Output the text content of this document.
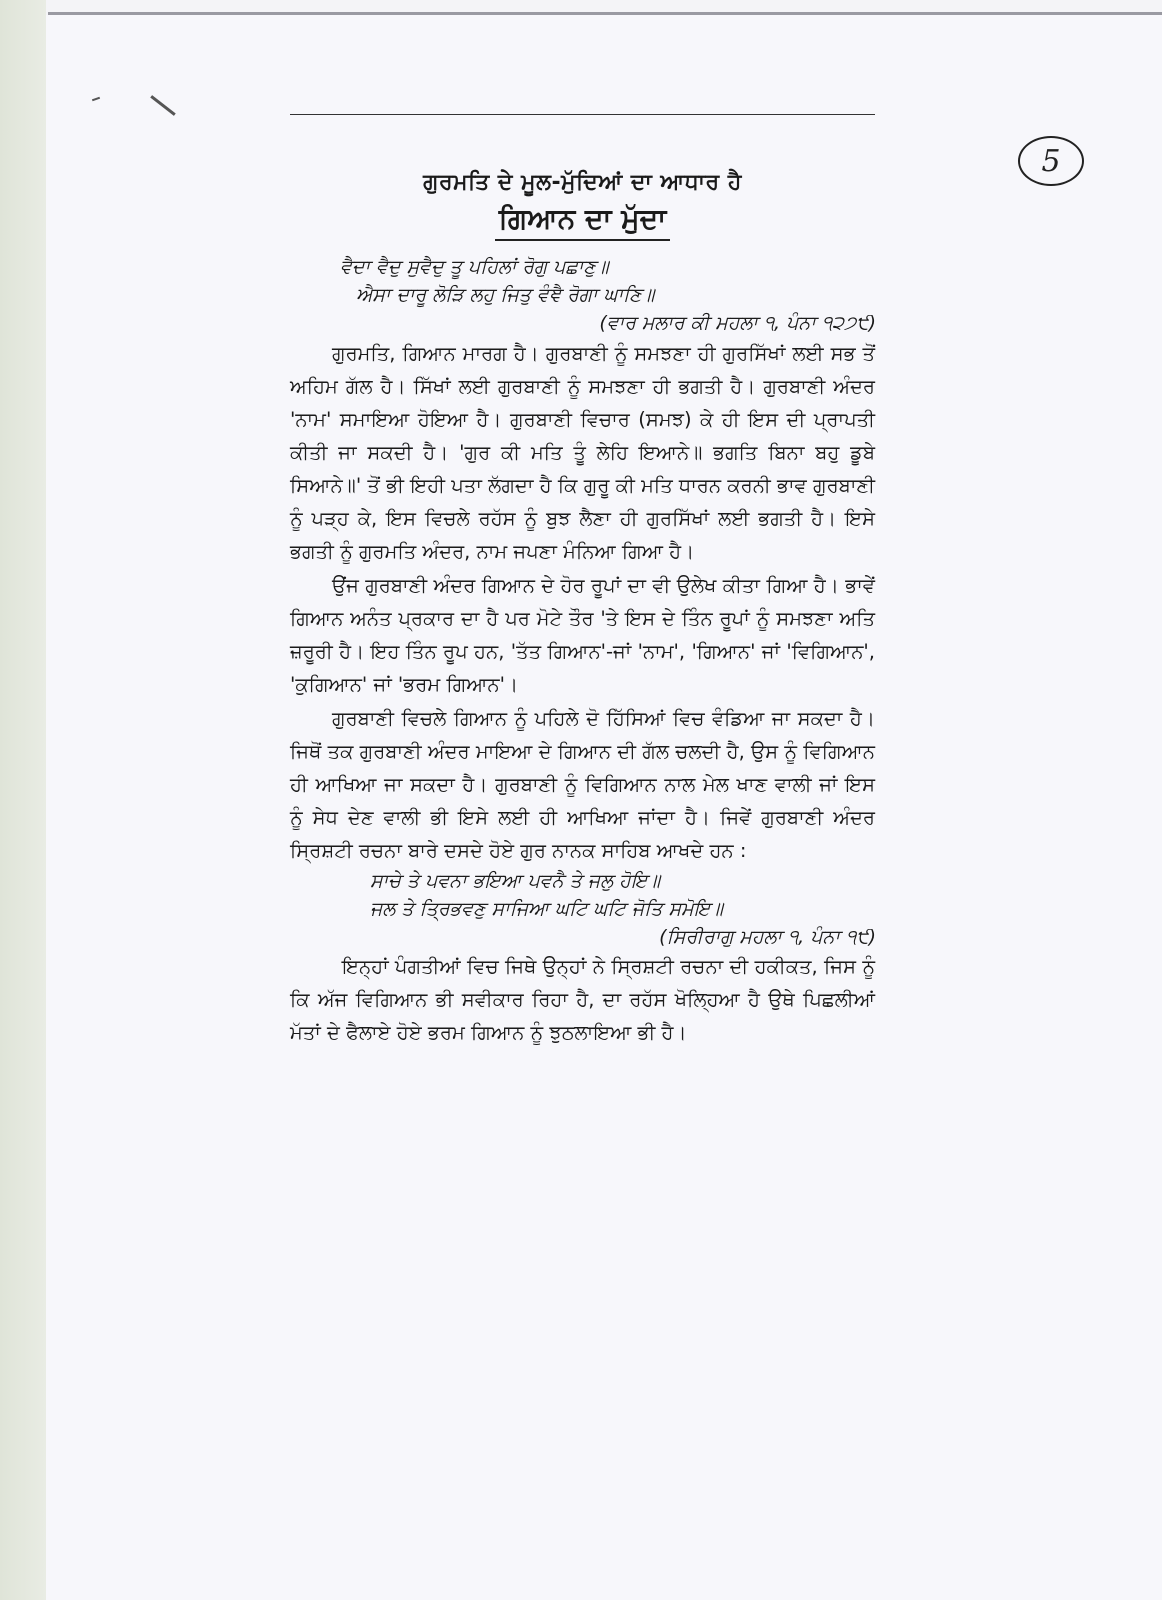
5
ਗੁਰਮਤਿ ਦੇ ਮੂਲ-ਮੁੱਦਿਆਂ ਦਾ ਆਧਾਰ ਹੈ
ਗਿਆਨ ਦਾ ਮੁੱਦਾ
ਵੈਦਾ ਵੈਦੁ ਸੁਵੈਦੁ ਤੂ ਪਹਿਲਾਂ ਰੋਗੁ ਪਛਾਣੁ॥
ਐਸਾ ਦਾਰੂ ਲੋੜਿ ਲਹੁ ਜਿਤੁ ਵੰਞੈ ਰੋਗਾ ਘਾਣਿ॥
(ਵਾਰ ਮਲਾਰ ਕੀ ਮਹਲਾ ੧, ਪੰਨਾ ੧੨੭੯)

ਗੁਰਮਤਿ, ਗਿਆਨ ਮਾਰਗ ਹੈ। ਗੁਰਬਾਣੀ ਨੂੰ ਸਮਝਣਾ ਹੀ ਗੁਰਸਿੱਖਾਂ ਲਈ ਸਭ ਤੋਂ ਅਹਿਮ ਗੱਲ ਹੈ। ਸਿੱਖਾਂ ਲਈ ਗੁਰਬਾਣੀ ਨੂੰ ਸਮਝਣਾ ਹੀ ਭਗਤੀ ਹੈ। ਗੁਰਬਾਣੀ ਅੰਦਰ 'ਨਾਮ' ਸਮਾਇਆ ਹੋਇਆ ਹੈ। ਗੁਰਬਾਣੀ ਵਿਚਾਰ (ਸਮਝ) ਕੇ ਹੀ ਇਸ ਦੀ ਪ੍ਰਾਪਤੀ ਕੀਤੀ ਜਾ ਸਕਦੀ ਹੈ। 'ਗੁਰ ਕੀ ਮਤਿ ਤੂੰ ਲੇਹਿ ਇਆਨੇ॥ ਭਗਤਿ ਬਿਨਾ ਬਹੁ ਡੂਬੇ ਸਿਆਨੇ॥' ਤੋਂ ਭੀ ਇਹੀ ਪਤਾ ਲੱਗਦਾ ਹੈ ਕਿ ਗੁਰੂ ਕੀ ਮਤਿ ਧਾਰਨ ਕਰਨੀ ਭਾਵ ਗੁਰਬਾਣੀ ਨੂੰ ਪੜ੍ਹ ਕੇ, ਇਸ ਵਿਚਲੇ ਰਹੱਸ ਨੂੰ ਬੁਝ ਲੈਣਾ ਹੀ ਗੁਰਸਿੱਖਾਂ ਲਈ ਭਗਤੀ ਹੈ। ਇਸੇ ਭਗਤੀ ਨੂੰ ਗੁਰਮਤਿ ਅੰਦਰ, ਨਾਮ ਜਪਣਾ ਮੰਨਿਆ ਗਿਆ ਹੈ।

ਉਂਜ ਗੁਰਬਾਣੀ ਅੰਦਰ ਗਿਆਨ ਦੇ ਹੋਰ ਰੂਪਾਂ ਦਾ ਵੀ ਉਲੇਖ ਕੀਤਾ ਗਿਆ ਹੈ। ਭਾਵੇਂ ਗਿਆਨ ਅਨੰਤ ਪ੍ਰਕਾਰ ਦਾ ਹੈ ਪਰ ਮੋਟੇ ਤੌਰ 'ਤੇ ਇਸ ਦੇ ਤਿੰਨ ਰੂਪਾਂ ਨੂੰ ਸਮਝਣਾ ਅਤਿ ਜ਼ਰੂਰੀ ਹੈ। ਇਹ ਤਿੰਨ ਰੂਪ ਹਨ, 'ਤੱਤ ਗਿਆਨ'-ਜਾਂ 'ਨਾਮ', 'ਗਿਆਨ' ਜਾਂ 'ਵਿਗਿਆਨ', 'ਕੁਗਿਆਨ' ਜਾਂ 'ਭਰਮ ਗਿਆਨ'।

ਗੁਰਬਾਣੀ ਵਿਚਲੇ ਗਿਆਨ ਨੂੰ ਪਹਿਲੇ ਦੋ ਹਿੱਸਿਆਂ ਵਿਚ ਵੰਡਿਆ ਜਾ ਸਕਦਾ ਹੈ। ਜਿਥੋਂ ਤਕ ਗੁਰਬਾਣੀ ਅੰਦਰ ਮਾਇਆ ਦੇ ਗਿਆਨ ਦੀ ਗੱਲ ਚਲਦੀ ਹੈ, ਉਸ ਨੂੰ ਵਿਗਿਆਨ ਹੀ ਆਖਿਆ ਜਾ ਸਕਦਾ ਹੈ। ਗੁਰਬਾਣੀ ਨੂੰ ਵਿਗਿਆਨ ਨਾਲ ਮੇਲ ਖਾਣ ਵਾਲੀ ਜਾਂ ਇਸ ਨੂੰ ਸੇਧ ਦੇਣ ਵਾਲੀ ਭੀ ਇਸੇ ਲਈ ਹੀ ਆਖਿਆ ਜਾਂਦਾ ਹੈ। ਜਿਵੇਂ ਗੁਰਬਾਣੀ ਅੰਦਰ ਸ੍ਰਿਸ਼ਟੀ ਰਚਨਾ ਬਾਰੇ ਦਸਦੇ ਹੋਏ ਗੁਰ ਨਾਨਕ ਸਾਹਿਬ ਆਖਦੇ ਹਨ :

ਸਾਚੇ ਤੇ ਪਵਨਾ ਭਇਆ ਪਵਨੈ ਤੇ ਜਲੁ ਹੋਇ॥
ਜਲ ਤੇ ਤ੍ਰਿਭਵਣੁ ਸਾਜਿਆ ਘਟਿ ਘਟਿ ਜੋਤਿ ਸਮੋਇ॥
(ਸਿਰੀਰਾਗੁ ਮਹਲਾ ੧, ਪੰਨਾ ੧੯)

ਇਨ੍ਹਾਂ ਪੰਗਤੀਆਂ ਵਿਚ ਜਿਥੇ ਉਨ੍ਹਾਂ ਨੇ ਸ੍ਰਿਸ਼ਟੀ ਰਚਨਾ ਦੀ ਹਕੀਕਤ, ਜਿਸ ਨੂੰ ਕਿ ਅੱਜ ਵਿਗਿਆਨ ਭੀ ਸਵੀਕਾਰ ਰਿਹਾ ਹੈ, ਦਾ ਰਹੱਸ ਖੋਲ੍ਹਿਆ ਹੈ ਉਥੇ ਪਿਛਲੀਆਂ ਮੱਤਾਂ ਦੇ ਫੈਲਾਏ ਹੋਏ ਭਰਮ ਗਿਆਨ ਨੂੰ ਝੁਠਲਾਇਆ ਭੀ ਹੈ।
